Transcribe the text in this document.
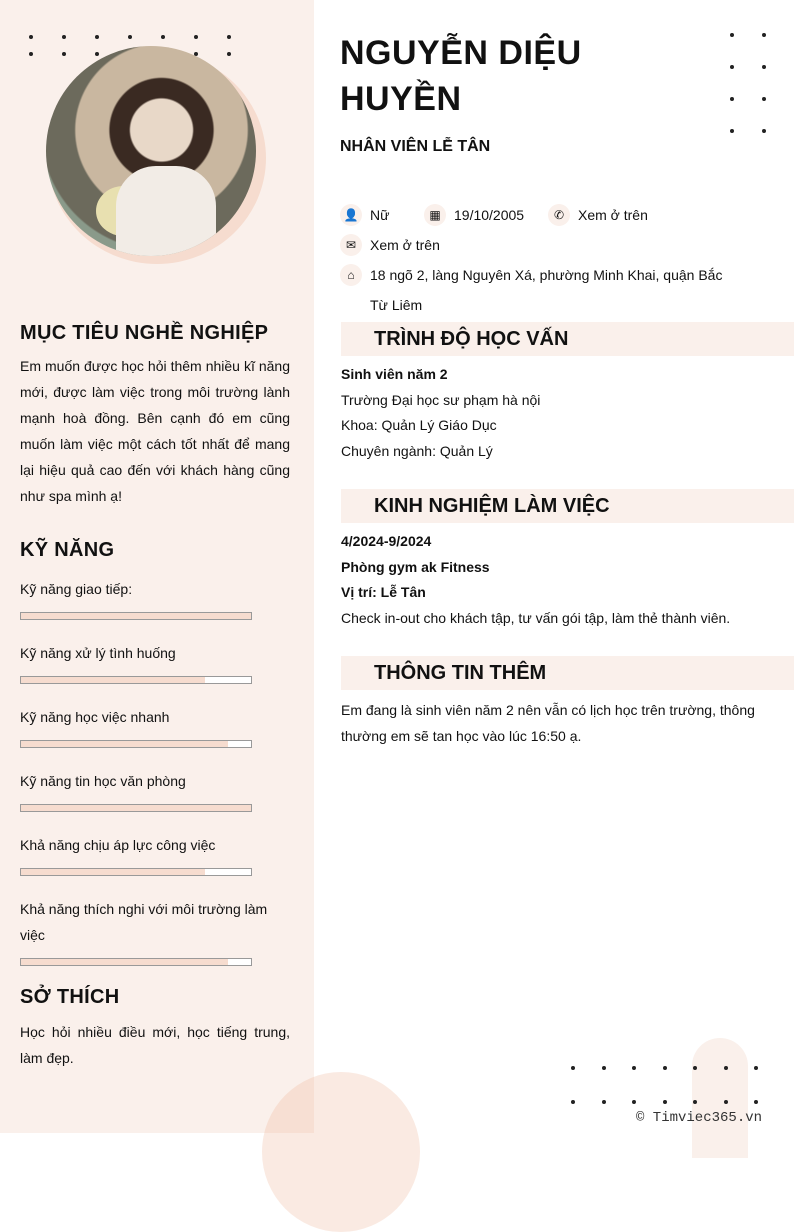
MỤC TIÊU NGHỀ NGHIỆP
Em muốn được học hỏi thêm nhiều kĩ năng mới, được làm việc trong môi trường lành mạnh hoà đồng. Bên cạnh đó em cũng muốn làm việc một cách tốt nhất để mang lại hiệu quả cao đến với khách hàng cũng như spa mình ạ!
KỸ NĂNG
Kỹ năng giao tiếp:
Kỹ năng xử lý tình huống
Kỹ năng học việc nhanh
Kỹ năng tin học văn phòng
Khả năng chịu áp lực công việc
Khả năng thích nghi với môi trường làm việc
SỞ THÍCH
Học hỏi nhiều điều mới, học tiếng trung, làm đẹp.
NGUYỄN DIỆU
HUYỀN
NHÂN VIÊN LỄ TÂN
👤 Nữ	▦ 19/10/2005	✆ Xem ở trên
✉ Xem ở trên
⌂	18 ngõ 2, làng Nguyên Xá, phường Minh Khai, quận Bắc
Từ Liêm
TRÌNH ĐỘ HỌC VẤN
Sinh viên năm 2
Trường Đại học sư phạm hà nội
Khoa: Quản Lý Giáo Dục
Chuyên ngành: Quản Lý
KINH NGHIỆM LÀM VIỆC
4/2024-9/2024
Phòng gym ak Fitness
Vị trí: Lễ Tân
Check in-out cho khách tập, tư vấn gói tập, làm thẻ thành viên.
THÔNG TIN THÊM
Em đang là sinh viên năm 2 nên vẫn có lịch học trên trường, thông thường em sẽ tan học vào lúc 16:50 ạ.
© Timviec365.vn
